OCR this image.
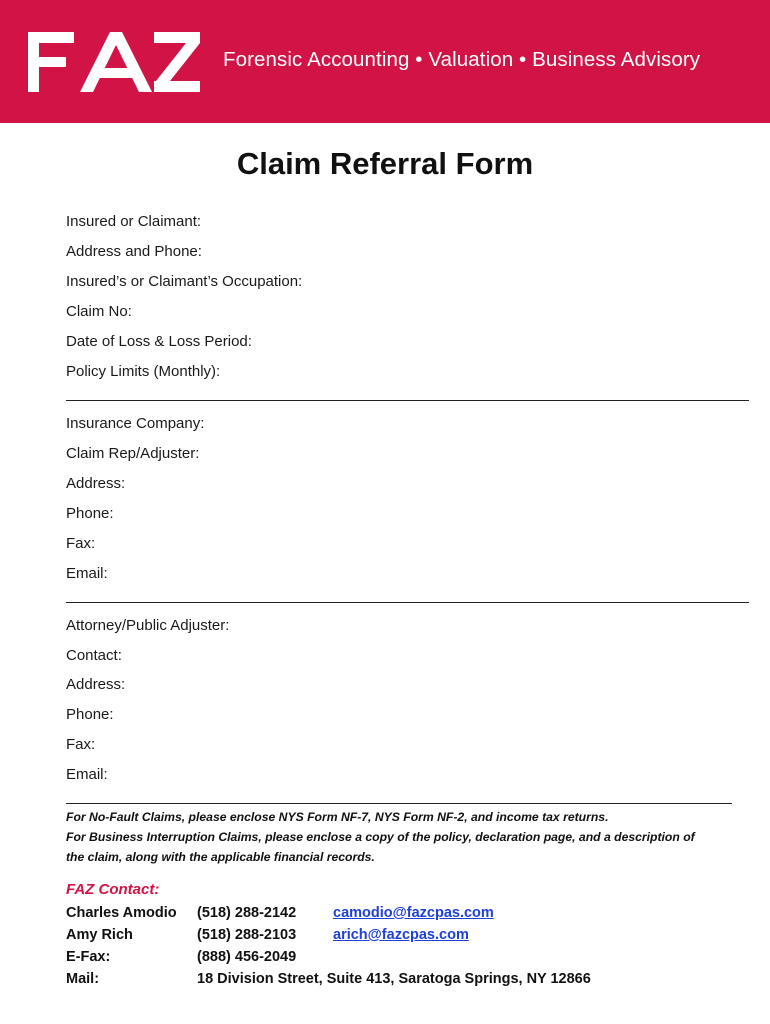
Forensic Accounting • Valuation • Business Advisory
Claim Referral Form
Insured or Claimant:
Address and Phone:
Insured’s or Claimant’s Occupation:
Claim No:
Date of Loss & Loss Period:
Policy Limits (Monthly):
Insurance Company:
Claim Rep/Adjuster:
Address:
Phone:
Fax:
Email:
Attorney/Public Adjuster:
Contact:
Address:
Phone:
Fax:
Email:
For No-Fault Claims, please enclose NYS Form NF-7, NYS Form NF-2, and income tax returns.
For Business Interruption Claims, please enclose a copy of the policy, declaration page, and a description of
the claim, along with the applicable financial records.
FAZ Contact:
Charles Amodio (518) 288-2142	camodio@fazcpas.com
Amy Rich	(518) 288-2103	arich@fazcpas.com
E-Fax:	(888) 456-2049
Mail:	18 Division Street, Suite 413, Saratoga Springs, NY 12866
